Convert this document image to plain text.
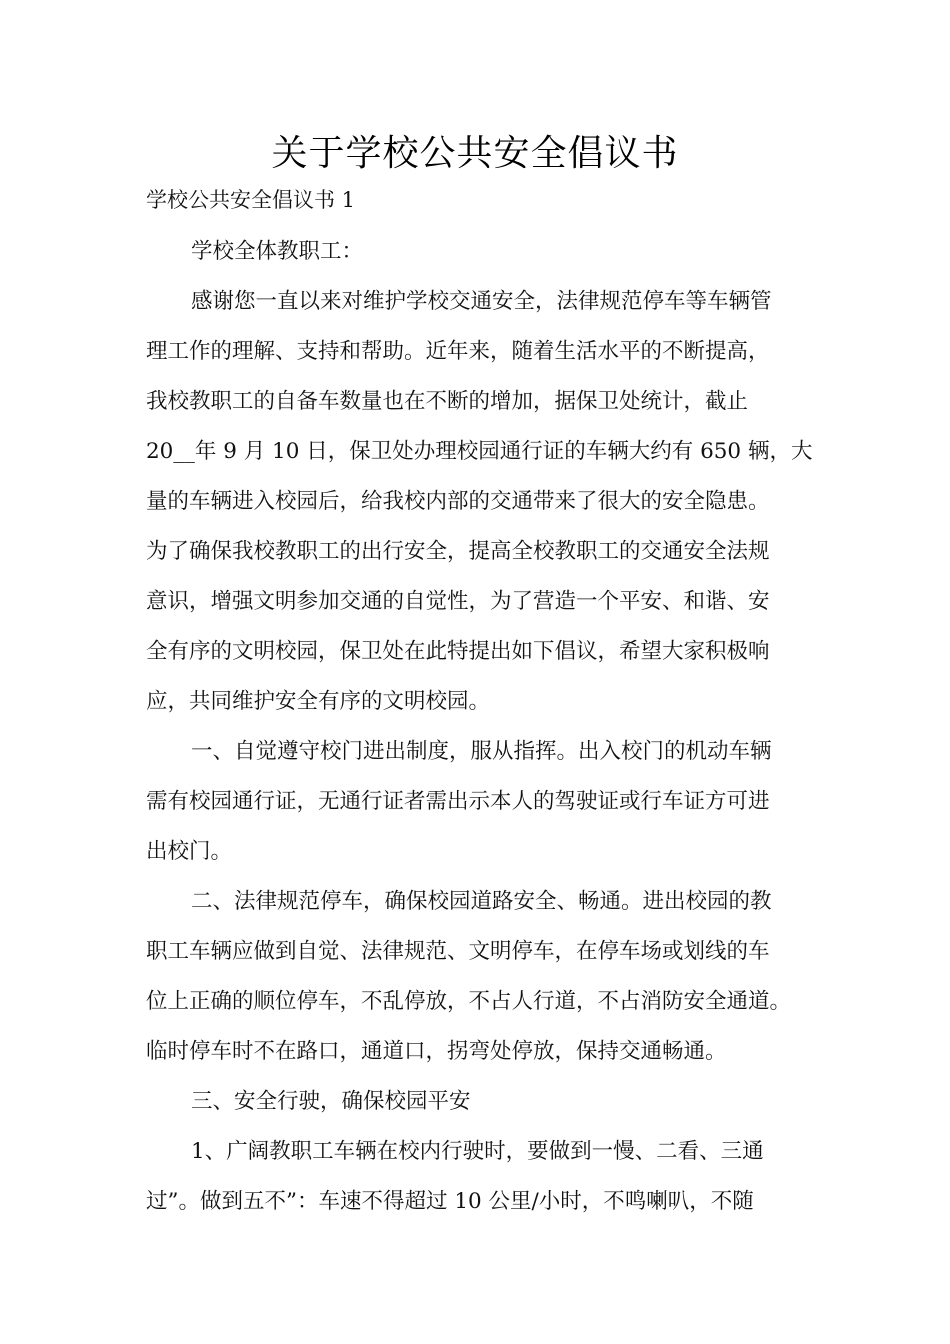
关于学校公共安全倡议书
学校公共安全倡议书 1
学校全体教职工：
感谢您一直以来对维护学校交通安全，法律规范停车等车辆管
理工作的理解、支持和帮助。近年来，随着生活水平的不断提高，
我校教职工的自备车数量也在不断的增加，据保卫处统计，截止
20__年 9 月 10 日，保卫处办理校园通行证的车辆大约有 650 辆，大
量的车辆进入校园后，给我校内部的交通带来了很大的安全隐患。
为了确保我校教职工的出行安全，提高全校教职工的交通安全法规
意识，增强文明参加交通的自觉性，为了营造一个平安、和谐、安
全有序的文明校园，保卫处在此特提出如下倡议，希望大家积极响
应，共同维护安全有序的文明校园。
一、自觉遵守校门进出制度，服从指挥。出入校门的机动车辆
需有校园通行证，无通行证者需出示本人的驾驶证或行车证方可进
出校门。
二、法律规范停车，确保校园道路安全、畅通。进出校园的教
职工车辆应做到自觉、法律规范、文明停车，在停车场或划线的车
位上正确的顺位停车，不乱停放，不占人行道，不占消防安全通道。
临时停车时不在路口，通道口，拐弯处停放，保持交通畅通。
三、安全行驶，确保校园平安
1、广阔教职工车辆在校内行驶时，要做到一慢、二看、三通
过”。做到五不”：车速不得超过 10 公里/小时，不鸣喇叭，不随
